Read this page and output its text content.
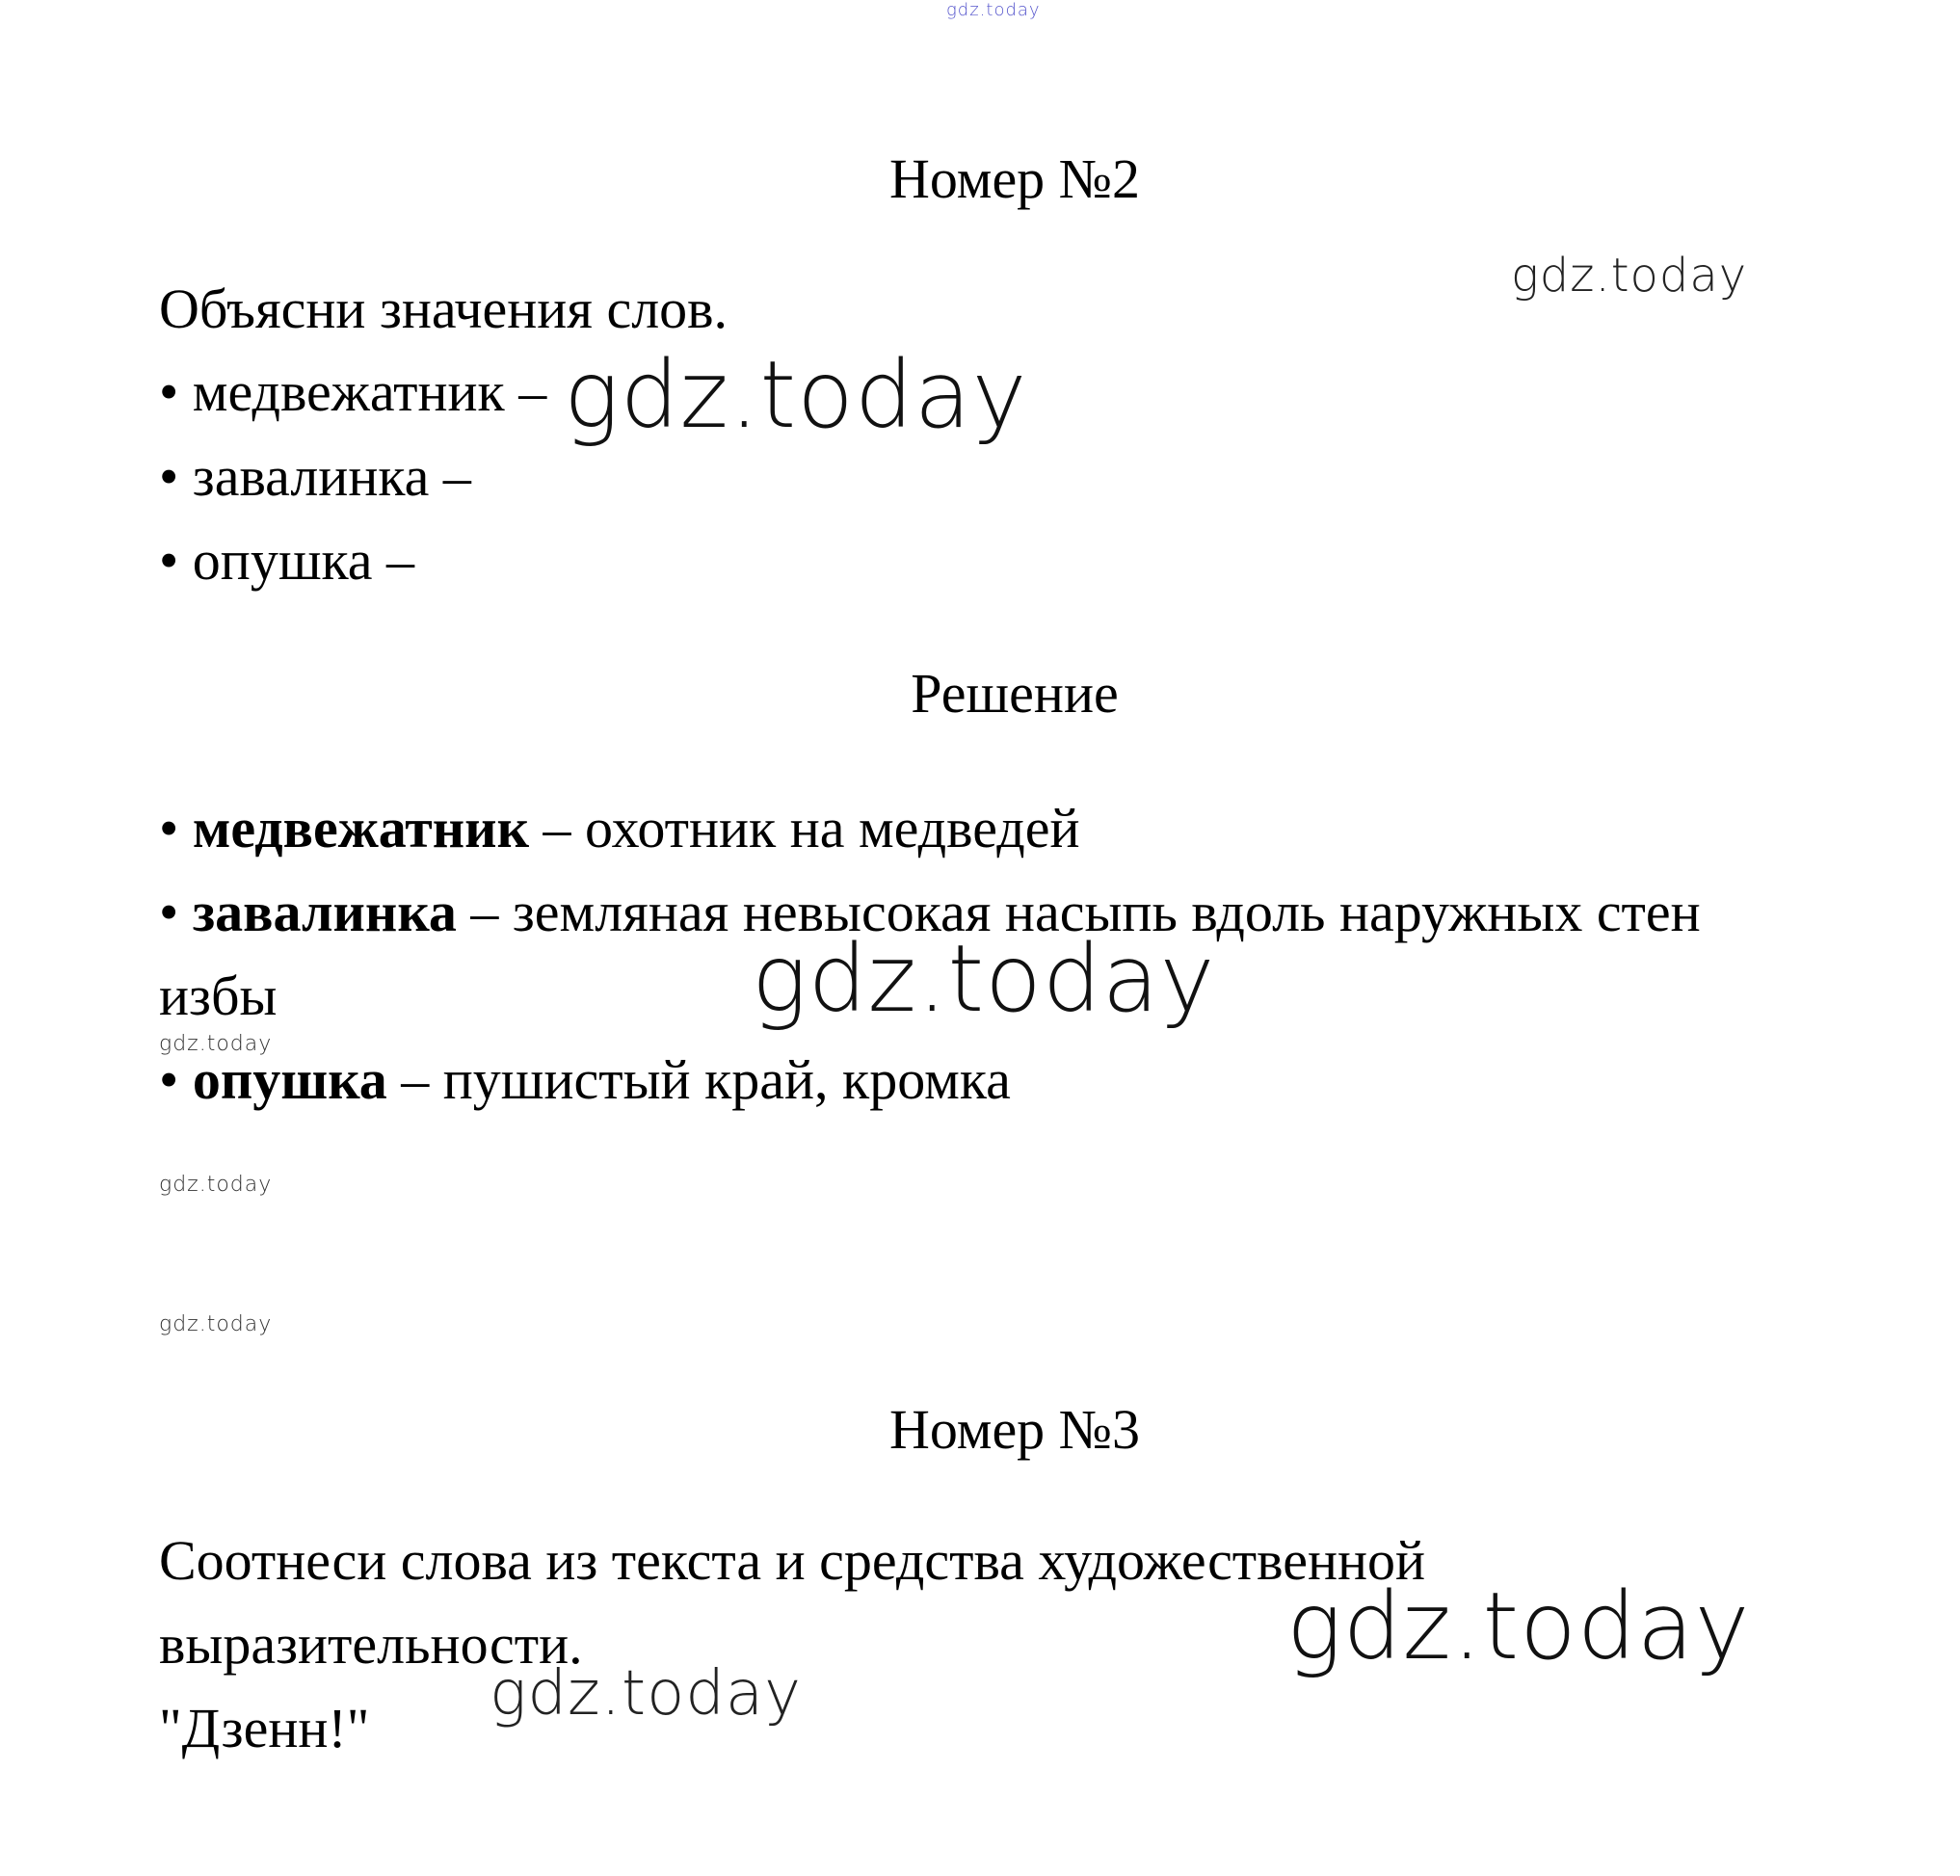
gdz.today
Номер №2
gdz.today
Объясни значения слов.
• медвежатник – gdz.today
• завалинка –
• опушка –
Решение
• медвежатник – охотник на медведей
• завалинка – земляная невысокая насыпь вдоль наружных стен
gdz.today
избы
gdz.today
• опушка – пушистый край, кромка
gdz.today
gdz.today
Номер №3
Соотнеси слова из текста и средства художественной
gdz.today
выразительности.
gdz.today
"Дзенн!"
